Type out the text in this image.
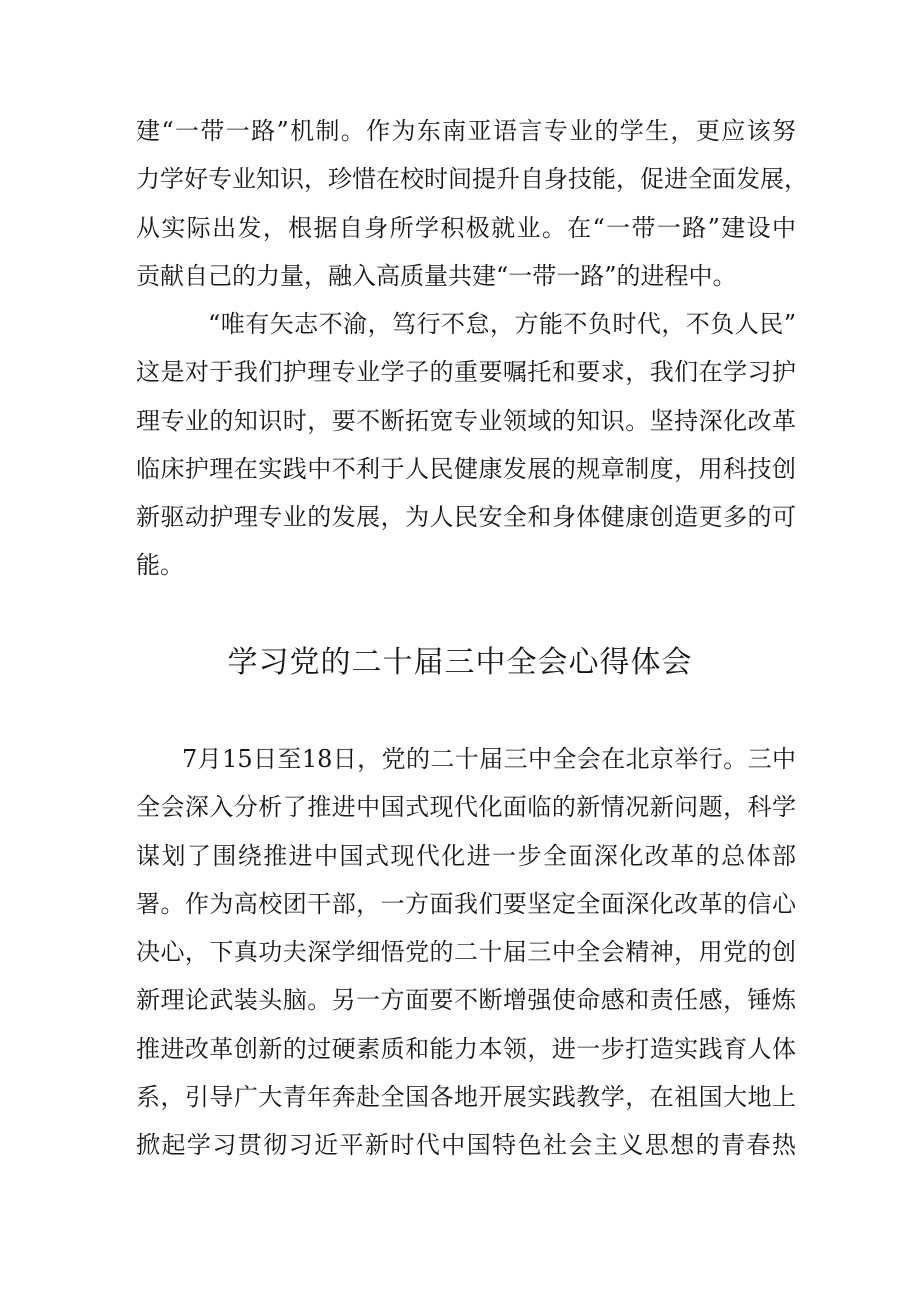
建“一带一路”机制。作为东南亚语言专业的学生，更应该努
力学好专业知识，珍惜在校时间提升自身技能，促进全面发展，
从实际出发，根据自身所学积极就业。在“一带一路”建设中
贡献自己的力量，融入高质量共建“一带一路”的进程中。
“唯有矢志不渝，笃行不怠，方能不负时代，不负人民”
这是对于我们护理专业学子的重要嘱托和要求，我们在学习护
理专业的知识时，要不断拓宽专业领域的知识。坚持深化改革
临床护理在实践中不利于人民健康发展的规章制度，用科技创
新驱动护理专业的发展，为人民安全和身体健康创造更多的可
能。
学习党的二十届三中全会心得体会
7月15日至18日，党的二十届三中全会在北京举行。三中
全会深入分析了推进中国式现代化面临的新情况新问题，科学
谋划了围绕推进中国式现代化进一步全面深化改革的总体部
署。作为高校团干部，一方面我们要坚定全面深化改革的信心
决心，下真功夫深学细悟党的二十届三中全会精神，用党的创
新理论武装头脑。另一方面要不断增强使命感和责任感，锤炼
推进改革创新的过硬素质和能力本领，进一步打造实践育人体
系，引导广大青年奔赴全国各地开展实践教学，在祖国大地上
掀起学习贯彻习近平新时代中国特色社会主义思想的青春热
